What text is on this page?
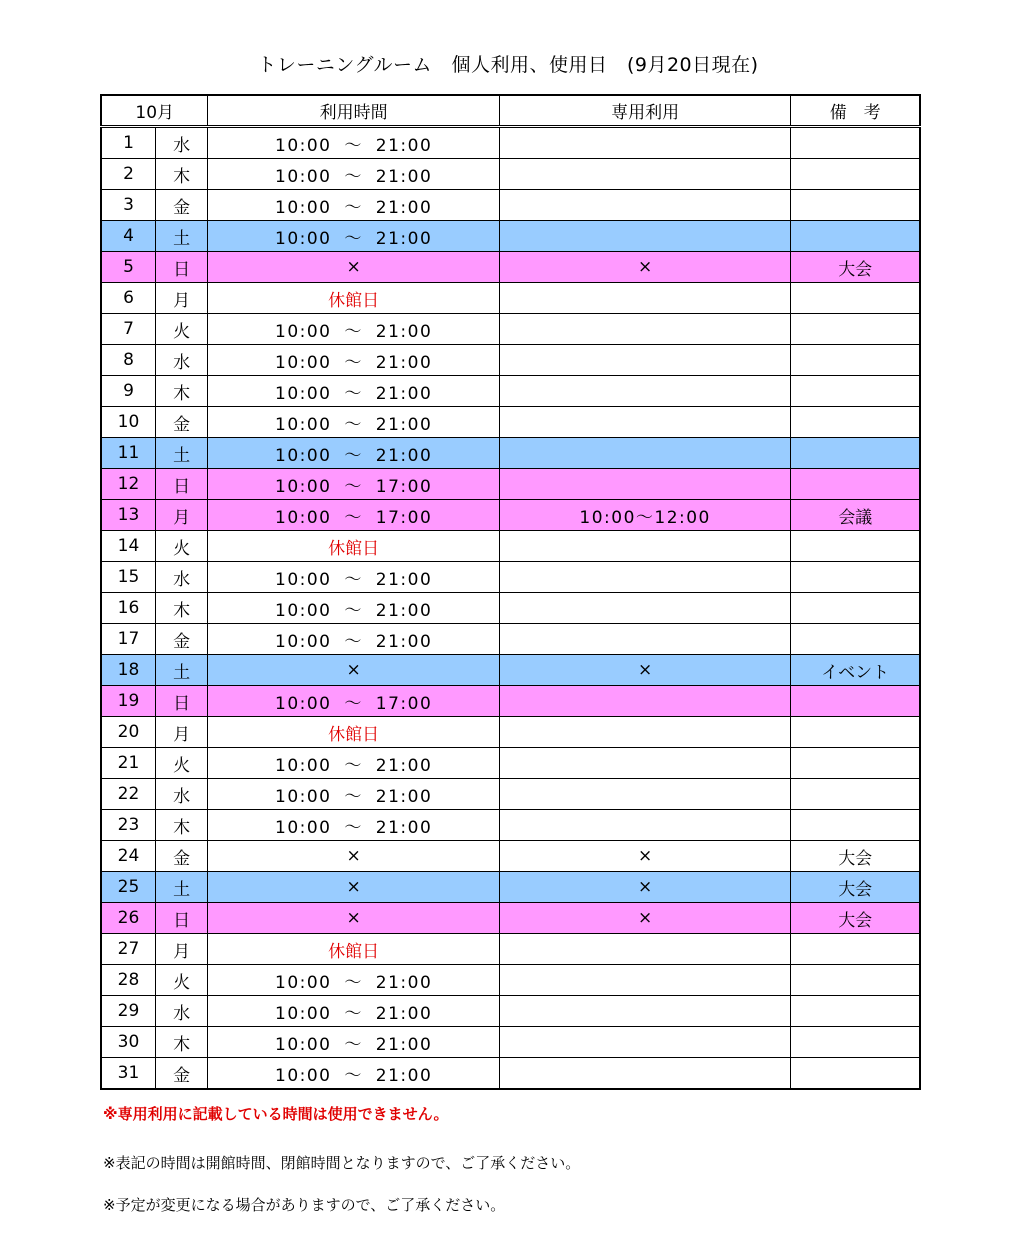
トレーニングルーム　個人利用、使用日　(9月20日現在)
10月		利用時間	専用利用	備　考
1	水	10:00 ～ 21:00		
2	木	10:00 ～ 21:00		
3	金	10:00 ～ 21:00		
4	土	10:00 ～ 21:00		
5	日	×	×	大会
6	月	休館日		
7	火	10:00 ～ 21:00		
8	水	10:00 ～ 21:00		
9	木	10:00 ～ 21:00		
10	金	10:00 ～ 21:00		
11	土	10:00 ～ 21:00		
12	日	10:00 ～ 17:00		
13	月	10:00 ～ 17:00	10:00～12:00	会議
14	火	休館日		
15	水	10:00 ～ 21:00		
16	木	10:00 ～ 21:00		
17	金	10:00 ～ 21:00		
18	土	×	×	イベント
19	日	10:00 ～ 17:00		
20	月	休館日		
21	火	10:00 ～ 21:00		
22	水	10:00 ～ 21:00		
23	木	10:00 ～ 21:00		
24	金	×	×	大会
25	土	×	×	大会
26	日	×	×	大会
27	月	休館日		
28	火	10:00 ～ 21:00		
29	水	10:00 ～ 21:00		
30	木	10:00 ～ 21:00		
31	金	10:00 ～ 21:00		
※専用利用に記載している時間は使用できません。
※表記の時間は開館時間、閉館時間となりますので、ご了承ください。
※予定が変更になる場合がありますので、ご了承ください。
